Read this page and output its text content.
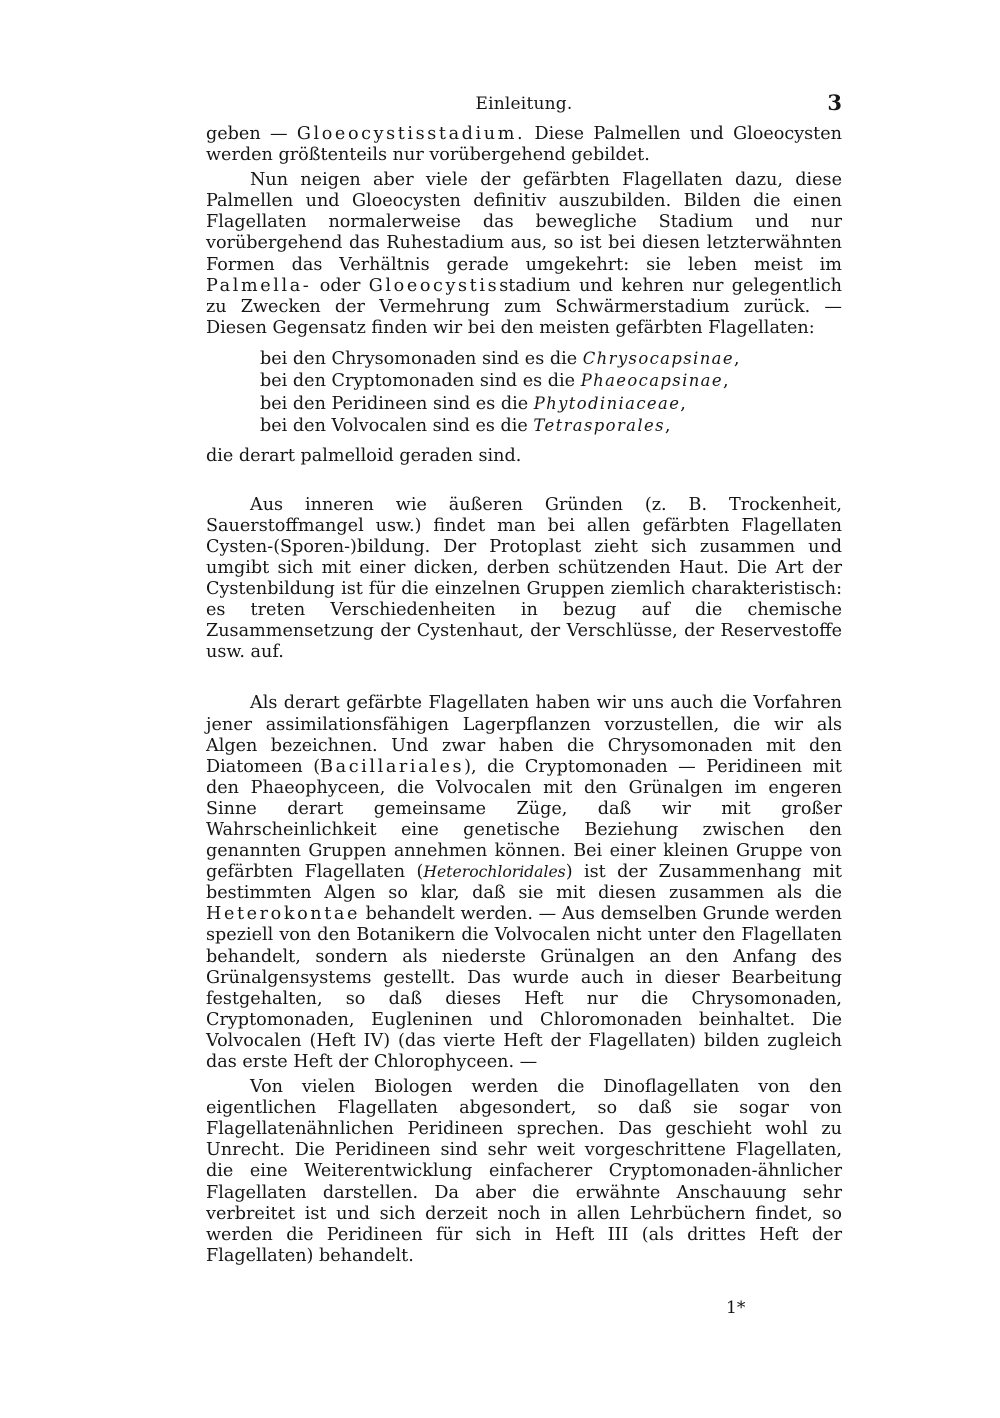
Einleitung.	3

geben — Gloeocystisstadium. Diese Palmellen und Gloeocysten werden größtenteils nur vorübergehend gebildet.

Nun neigen aber viele der gefärbten Flagellaten dazu, diese Palmellen und Gloeocysten definitiv auszubilden. Bilden die einen Flagellaten normalerweise das bewegliche Stadium und nur vorübergehend das Ruhestadium aus, so ist bei diesen letzterwähnten Formen das Verhältnis gerade umgekehrt: sie leben meist im Palmella- oder Gloeocystisstadium und kehren nur gelegentlich zu Zwecken der Vermehrung zum Schwärmerstadium zurück. — Diesen Gegensatz finden wir bei den meisten gefärbten Flagellaten:

bei den Chrysomonaden sind es die Chrysocapsinae,
bei den Cryptomonaden sind es die Phaeocapsinae,
bei den Peridineen sind es die Phytodiniaceae,
bei den Volvocalen sind es die Tetrasporales,

die derart palmelloid geraden sind.

Aus inneren wie äußeren Gründen (z. B. Trockenheit, Sauerstoffmangel usw.) findet man bei allen gefärbten Flagellaten Cysten-(Sporen-)bildung. Der Protoplast zieht sich zusammen und umgibt sich mit einer dicken, derben schützenden Haut. Die Art der Cystenbildung ist für die einzelnen Gruppen ziemlich charakteristisch: es treten Verschiedenheiten in bezug auf die chemische Zusammensetzung der Cystenhaut, der Verschlüsse, der Reservestoffe usw. auf.

Als derart gefärbte Flagellaten haben wir uns auch die Vorfahren jener assimilationsfähigen Lagerpflanzen vorzustellen, die wir als Algen bezeichnen. Und zwar haben die Chrysomonaden mit den Diatomeen (Bacillariales), die Cryptomonaden — Peridineen mit den Phaeophyceen, die Volvocalen mit den Grünalgen im engeren Sinne derart gemeinsame Züge, daß wir mit großer Wahrscheinlichkeit eine genetische Beziehung zwischen den genannten Gruppen annehmen können. Bei einer kleinen Gruppe von gefärbten Flagellaten (Heterochloridales) ist der Zusammenhang mit bestimmten Algen so klar, daß sie mit diesen zusammen als die Heterokontae behandelt werden. — Aus demselben Grunde werden speziell von den Botanikern die Volvocalen nicht unter den Flagellaten behandelt, sondern als niederste Grünalgen an den Anfang des Grünalgensystems gestellt. Das wurde auch in dieser Bearbeitung festgehalten, so daß dieses Heft nur die Chrysomonaden, Cryptomonaden, Eugleninen und Chloromonaden beinhaltet. Die Volvocalen (Heft IV) (das vierte Heft der Flagellaten) bilden zugleich das erste Heft der Chlorophyceen. —

Von vielen Biologen werden die Dinoflagellaten von den eigentlichen Flagellaten abgesondert, so daß sie sogar von Flagellatenähnlichen Peridineen sprechen. Das geschieht wohl zu Unrecht. Die Peridineen sind sehr weit vorgeschrittene Flagellaten, die eine Weiterentwicklung einfacherer Cryptomonaden-ähnlicher Flagellaten darstellen. Da aber die erwähnte Anschauung sehr verbreitet ist und sich derzeit noch in allen Lehrbüchern findet, so werden die Peridineen für sich in Heft III (als drittes Heft der Flagellaten) behandelt.

1*
